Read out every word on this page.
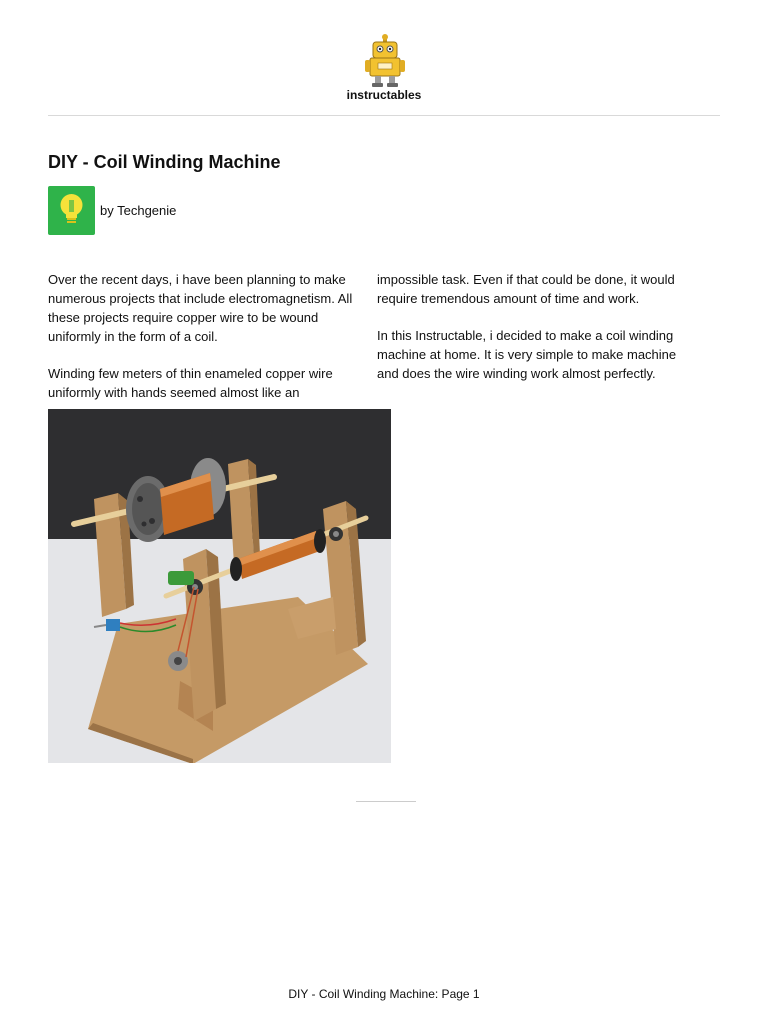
instructables
DIY - Coil Winding Machine
by Techgenie

Over the recent days, i have been planning to make numerous projects that include electromagnetism. All these projects require copper wire to be wound uniformly in the form of a coil.

Winding few meters of thin enameled copper wire uniformly with hands seemed almost like an

impossible task. Even if that could be done, it would require tremendous amount of time and work.

In this Instructable, i decided to make a coil winding machine at home. It is very simple to make machine and does the wire winding work almost perfectly.

DIY - Coil Winding Machine: Page 1
